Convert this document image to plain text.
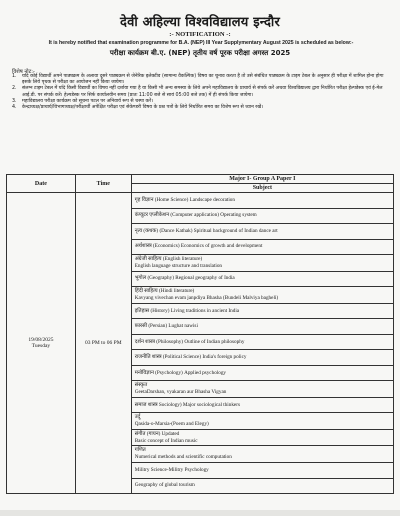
देवी अहिल्या विश्वविद्यालय इन्दौर
:- NOTIFICATION -:
It is hereby notified that examination programme for B.A. (NEP) III Year Supplymentary August 2025 is scheduled as below:-
परीक्षा कार्यक्रम बी.ए. (NEP) तृतीय वर्ष पूरक परीक्षा अगस्त 2025
विशेष नोट:-
1.	यदि कोई विद्यार्थी अपने पाठ्यक्रम के अलावा दूसरे पाठ्यक्रम से जेनेरिक इलेक्टीव (सामान्य वैकल्पिक) विषय का चुनाव करता है तो उसे संबंधित पाठ्यक्रम के टाइम टेबल के अनुसार ही परीक्षा में शामिल होना होगा इसके लिये पृथक से परीक्षा का आयोजन नहीं किया जायेगा।
2.	संलग्न टाइम टेबल में यदि किसी विद्यार्थी का विषय नहीं दर्शाया गया है या किसी भी अन्य समस्या के लिये अपने महाविद्यालय के प्राचार्य से संपर्क करें अथवा विश्वविद्यालय द्वारा निर्धारित परीक्षा हेल्पडेस्क एवं ई-मेल आई.डी. पर संपर्क करें। हेल्पडेस्क पर सिर्फ कार्यालयीन समय (प्रातः 11:00 बजे से सायं 05:00 बजे तक) में ही संपर्क किया जायेगा।
3.	महाविद्यालय परीक्षा कार्यक्रम को सूचना पटल पर अनिवार्य रूप से चस्पा करें।
4.	केन्द्राध्यक्ष/प्राचार्य/विभागाध्यक्ष/परीक्षार्थी अपेक्षित परीक्षा एवं सेकेण्डरी विषय के प्रश्न पत्रों के लिये निर्धारित समय का विशेष रूप से ध्यान रखें।
Date	Time	Major I- Group A Paper I
Subject

19/08/2025
Tuesday	03 PM to 06 PM	गृह विज्ञान (Home Science) Landscape decoration

		कंप्यूटर एप्लीकेशन (Computer application) Operating system

		नृत्य (कथक) (Dance Kathak) Spiritual background of Indian dance art

		अर्थशास्त्र (Economics) Economics of growth and development

		अंग्रेजी साहित्य (English literature)
English language structure and translation

		भूगोल (Geography) Regional geography of India

		हिंदी साहित्य (Hindi literature)
Kavyang vivechan evam janpdiya Bhasha (Bundeli Malviya bagheli)

		इतिहास (History) Living traditions in ancient India

		फ़ारसी (Persian) Lughat nawisi

		दर्शन शास्त्र (Philosophy) Outline of Indian philosophy

		राजनीति शास्त्र (Political Science) India's foreign policy

		मनोविज्ञान (Psychology) Applied psychology

		संस्कृत
GeetaDarshan, vyakaran aur Bhasha Vigyan

		समाज शास्त्र Sociology) Major sociological thinkers

		उर्दू
Qasida-o-Marsia-(Poem and Elegy)

		संगीत (गायन) Updated
Basic concept of Indian music

		गणित
Numerical methods and scientific computation

		Militry Science-Militry Psychology

		Geography of global tourism
